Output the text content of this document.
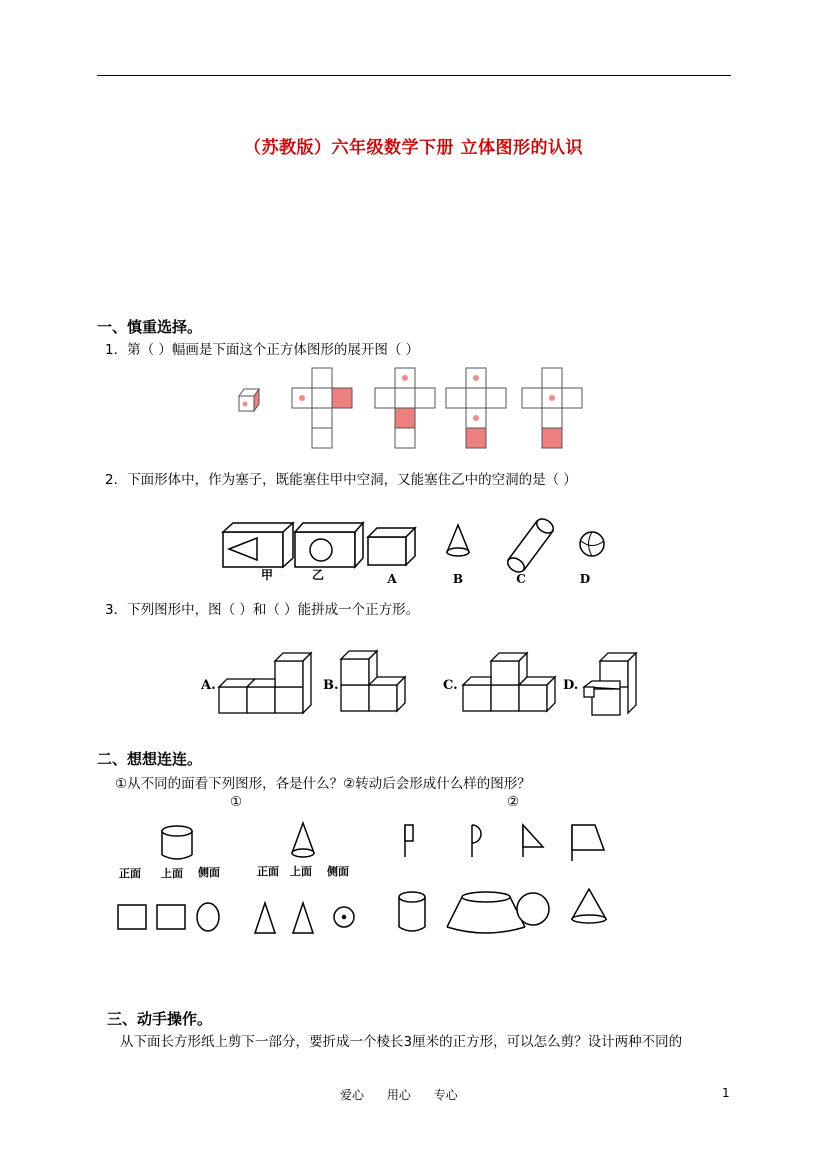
（苏教版）六年级数学下册 立体图形的认识
一、慎重选择。
1．第（ ）幅画是下面这个正方体图形的展开图（ ）
2．下面形体中，作为塞子，既能塞住甲中空洞，又能塞住乙中的空洞的是（ ）
甲	乙	A	B	C	D
3．下列图形中，图（ ）和（ ）能拼成一个正方形。
A.	B.	C.	D.
二、想想连连。
①从不同的面看下列图形，各是什么？②转动后会形成什么样的图形？
①	②
正面 上面 侧面	正面 上面 侧面
三、动手操作。
从下面长方形纸上剪下一部分，要折成一个棱长3厘米的正方形，可以怎么剪？设计两种不同的
爱心      用心      专心	1
